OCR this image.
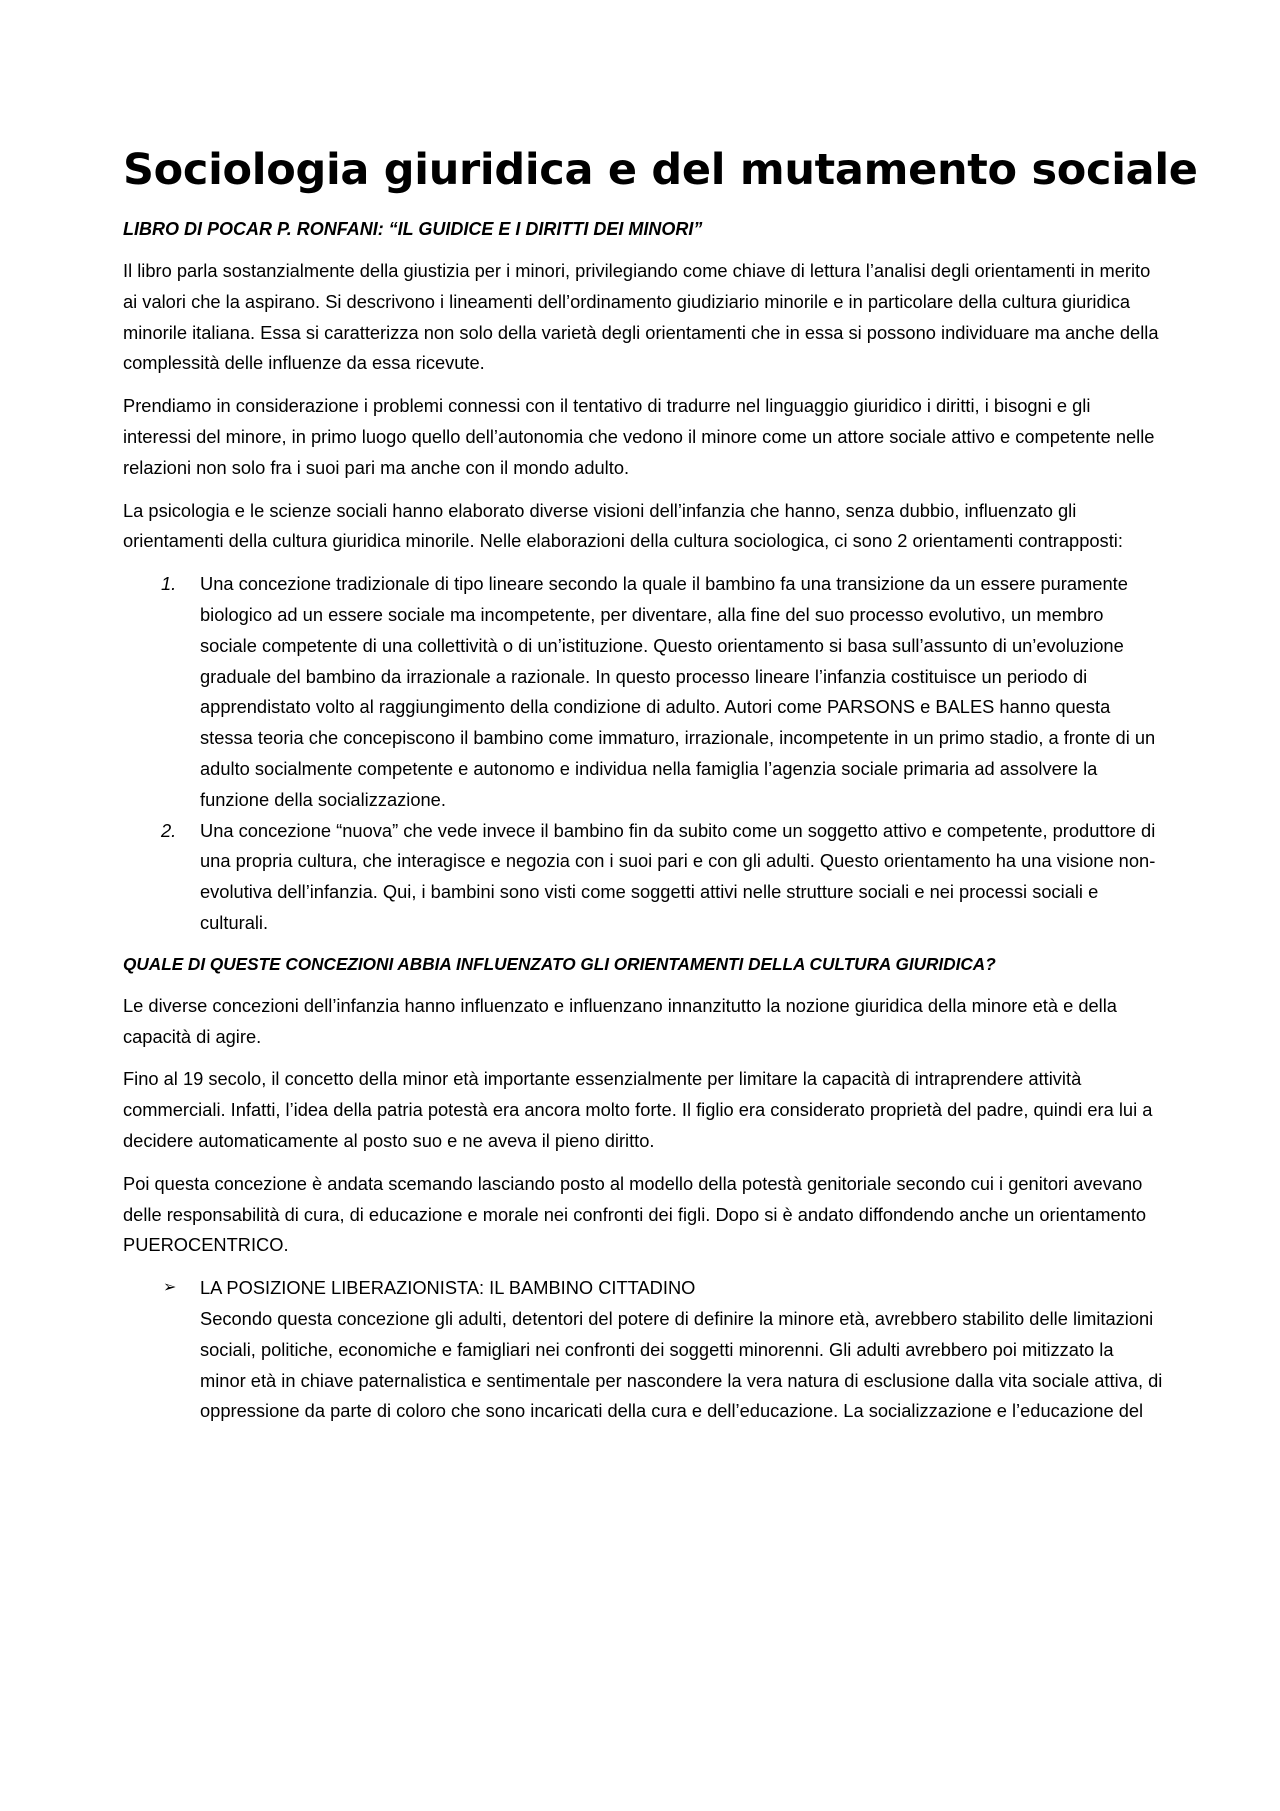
Sociologia giuridica e del mutamento sociale

LIBRO DI POCAR P. RONFANI: “IL GUIDICE E I DIRITTI DEI MINORI”

Il libro parla sostanzialmente della giustizia per i minori, privilegiando come chiave di lettura l’analisi degli orientamenti in merito ai valori che la aspirano. Si descrivono i lineamenti dell’ordinamento giudiziario minorile e in particolare della cultura giuridica minorile italiana. Essa si caratterizza non solo della varietà degli orientamenti che in essa si possono individuare ma anche della complessità delle influenze da essa ricevute.

Prendiamo in considerazione i problemi connessi con il tentativo di tradurre nel linguaggio giuridico i diritti, i bisogni e gli interessi del minore, in primo luogo quello dell’autonomia che vedono il minore come un attore sociale attivo e competente nelle relazioni non solo fra i suoi pari ma anche con il mondo adulto.

La psicologia e le scienze sociali hanno elaborato diverse visioni dell’infanzia che hanno, senza dubbio, influenzato gli orientamenti della cultura giuridica minorile. Nelle elaborazioni della cultura sociologica, ci sono 2 orientamenti contrapposti:

1. Una concezione tradizionale di tipo lineare secondo la quale il bambino fa una transizione da un essere puramente biologico ad un essere sociale ma incompetente, per diventare, alla fine del suo processo evolutivo, un membro sociale competente di una collettività o di un’istituzione. Questo orientamento si basa sull’assunto di un’evoluzione graduale del bambino da irrazionale a razionale. In questo processo lineare l’infanzia costituisce un periodo di apprendistato volto al raggiungimento della condizione di adulto. Autori come PARSONS e BALES hanno questa stessa teoria che concepiscono il bambino come immaturo, irrazionale, incompetente in un primo stadio, a fronte di un adulto socialmente competente e autonomo e individua nella famiglia l’agenzia sociale primaria ad assolvere la funzione della socializzazione.
2. Una concezione “nuova” che vede invece il bambino fin da subito come un soggetto attivo e competente, produttore di una propria cultura, che interagisce e negozia con i suoi pari e con gli adulti. Questo orientamento ha una visione non-evolutiva dell’infanzia. Qui, i bambini sono visti come soggetti attivi nelle strutture sociali e nei processi sociali e culturali.

QUALE DI QUESTE CONCEZIONI ABBIA INFLUENZATO GLI ORIENTAMENTI DELLA CULTURA GIURIDICA?

Le diverse concezioni dell’infanzia hanno influenzato e influenzano innanzitutto la nozione giuridica della minore età e della capacità di agire.

Fino al 19 secolo, il concetto della minor età importante essenzialmente per limitare la capacità di intraprendere attività commerciali. Infatti, l’idea della patria potestà era ancora molto forte. Il figlio era considerato proprietà del padre, quindi era lui a decidere automaticamente al posto suo e ne aveva il pieno diritto.

Poi questa concezione è andata scemando lasciando posto al modello della potestà genitoriale secondo cui i genitori avevano delle responsabilità di cura, di educazione e morale nei confronti dei figli. Dopo si è andato diffondendo anche un orientamento PUEROCENTRICO.

➢ LA POSIZIONE LIBERAZIONISTA: IL BAMBINO CITTADINO
Secondo questa concezione gli adulti, detentori del potere di definire la minore età, avrebbero stabilito delle limitazioni sociali, politiche, economiche e famigliari nei confronti dei soggetti minorenni. Gli adulti avrebbero poi mitizzato la minor età in chiave paternalistica e sentimentale per nascondere la vera natura di esclusione dalla vita sociale attiva, di oppressione da parte di coloro che sono incaricati della cura e dell’educazione. La socializzazione e l’educazione del
